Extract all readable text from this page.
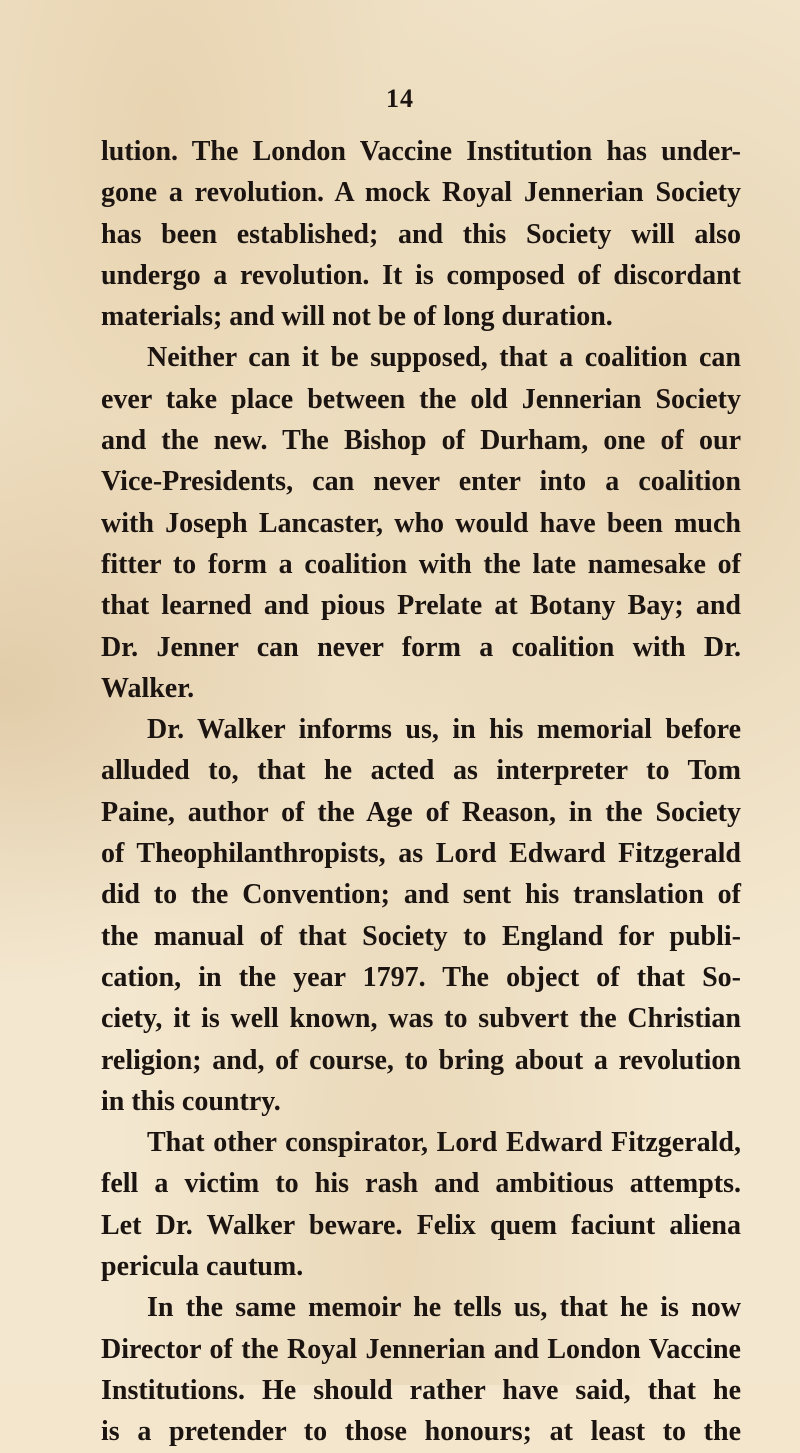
14
lution. The London Vaccine Institution has under-
gone a revolution. A mock Royal Jennerian Society
has been established; and this Society will also
undergo a revolution. It is composed of discordant
materials; and will not be of long duration.
Neither can it be supposed, that a coalition can
ever take place between the old Jennerian Society
and the new. The Bishop of Durham, one of our
Vice-Presidents, can never enter into a coalition
with Joseph Lancaster, who would have been much
fitter to form a coalition with the late namesake of
that learned and pious Prelate at Botany Bay; and
Dr. Jenner can never form a coalition with Dr.
Walker.
Dr. Walker informs us, in his memorial before
alluded to, that he acted as interpreter to Tom
Paine, author of the Age of Reason, in the Society
of Theophilanthropists, as Lord Edward Fitzgerald
did to the Convention; and sent his translation of
the manual of that Society to England for publi-
cation, in the year 1797. The object of that So-
ciety, it is well known, was to subvert the Christian
religion; and, of course, to bring about a revolution
in this country.
That other conspirator, Lord Edward Fitzgerald,
fell a victim to his rash and ambitious attempts.
Let Dr. Walker beware. Felix quem faciunt aliena
pericula cautum.
In the same memoir he tells us, that he is now
Director of the Royal Jennerian and London Vaccine
Institutions. He should rather have said, that he
is a pretender to those honours; at least to the
